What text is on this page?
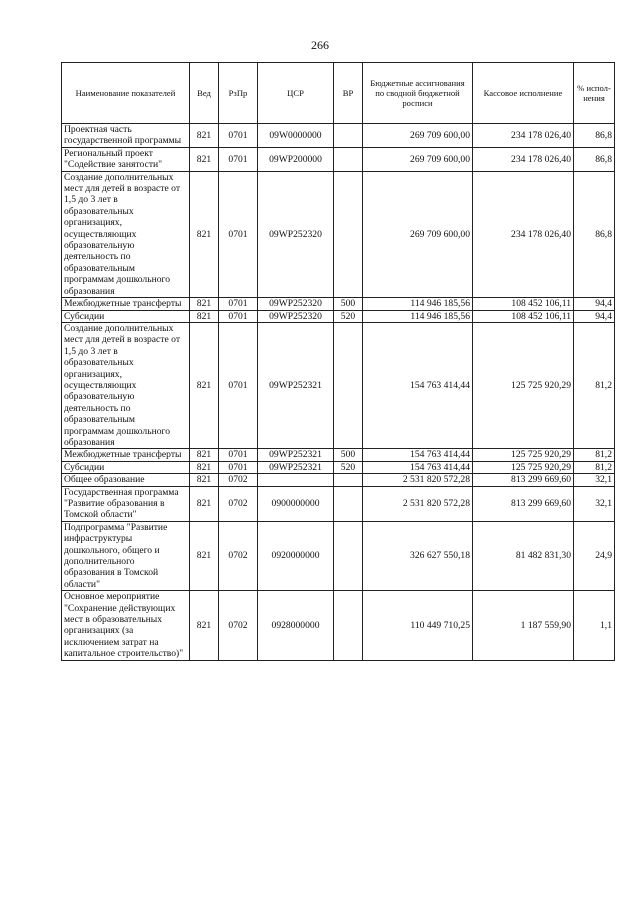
266
Наименование показателей	Вед	РзПр	ЦСР	ВР	Бюджетные ассигнования по сводной бюджетной росписи	Кассовое исполнение	% испол-нения
Проектная часть государственной программы	821	0701	09W0000000		269 709 600,00	234 178 026,40	86,8
Региональный проект "Содействие занятости"	821	0701	09WP200000		269 709 600,00	234 178 026,40	86,8
Создание дополнительных мест для детей в возрасте от 1,5 до 3 лет в образовательных организациях, осуществляющих образовательную деятельность по образовательным программам дошкольного образования	821	0701	09WP252320		269 709 600,00	234 178 026,40	86,8
Межбюджетные трансферты	821	0701	09WP252320	500	114 946 185,56	108 452 106,11	94,4
Субсидии	821	0701	09WP252320	520	114 946 185,56	108 452 106,11	94,4
Создание дополнительных мест для детей в возрасте от 1,5 до 3 лет в образовательных организациях, осуществляющих образовательную деятельность по образовательным программам дошкольного образования	821	0701	09WP252321		154 763 414,44	125 725 920,29	81,2
Межбюджетные трансферты	821	0701	09WP252321	500	154 763 414,44	125 725 920,29	81,2
Субсидии	821	0701	09WP252321	520	154 763 414,44	125 725 920,29	81,2
Общее образование	821	0702			2 531 820 572,28	813 299 669,60	32,1
Государственная программа "Развитие образования в Томской области"	821	0702	0900000000		2 531 820 572,28	813 299 669,60	32,1
Подпрограмма "Развитие инфраструктуры дошкольного, общего и дополнительного образования в Томской области"	821	0702	0920000000		326 627 550,18	81 482 831,30	24,9
Основное мероприятие "Сохранение действующих мест в образовательных организациях (за исключением затрат на капитальное строительство)"	821	0702	0928000000		110 449 710,25	1 187 559,90	1,1
